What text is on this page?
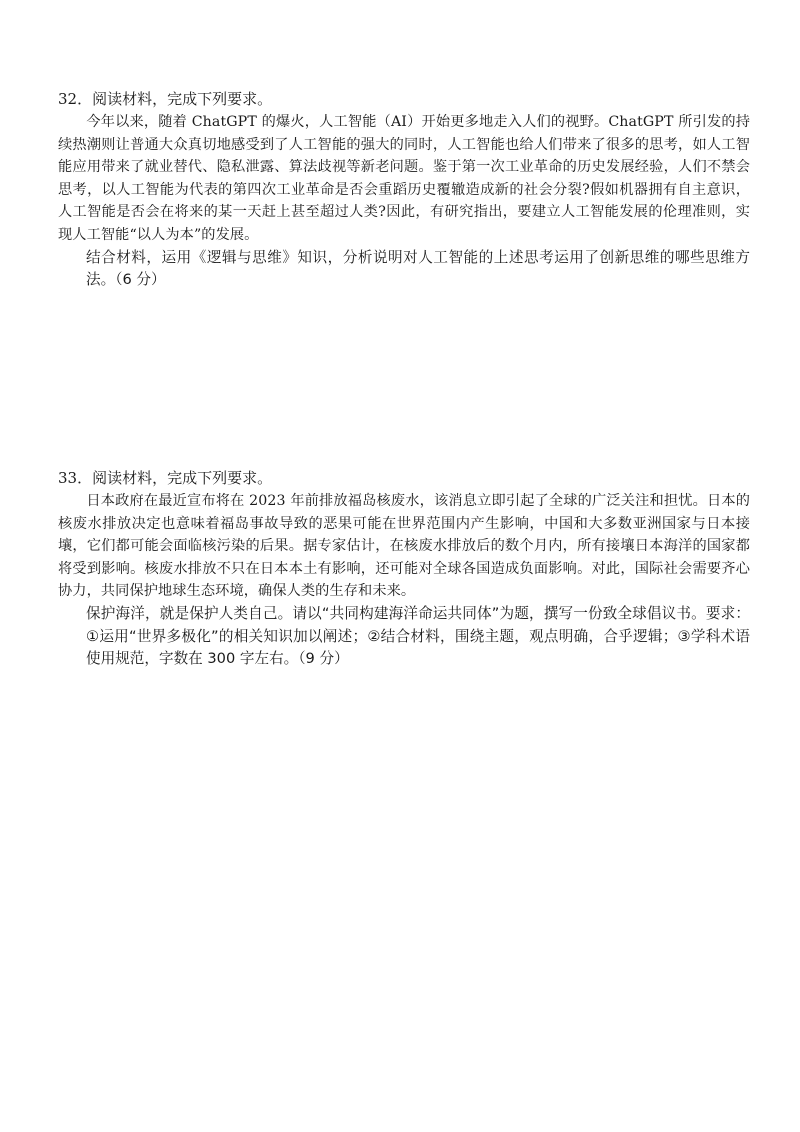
32．阅读材料，完成下列要求。

今年以来，随着 ChatGPT 的爆火，人工智能（AI）开始更多地走入人们的视野。ChatGPT 所引发的持续热潮则让普通大众真切地感受到了人工智能的强大的同时，人工智能也给人们带来了很多的思考，如人工智能应用带来了就业替代、隐私泄露、算法歧视等新老问题。鉴于第一次工业革命的历史发展经验，人们不禁会思考，以人工智能为代表的第四次工业革命是否会重蹈历史覆辙造成新的社会分裂?假如机器拥有自主意识，人工智能是否会在将来的某一天赶上甚至超过人类?因此，有研究指出，要建立人工智能发展的伦理准则，实现人工智能“以人为本”的发展。

结合材料，运用《逻辑与思维》知识，分析说明对人工智能的上述思考运用了创新思维的哪些思维方法。（6 分）

33．阅读材料，完成下列要求。

日本政府在最近宣布将在 2023 年前排放福岛核废水，该消息立即引起了全球的广泛关注和担忧。日本的核废水排放决定也意味着福岛事故导致的恶果可能在世界范围内产生影响，中国和大多数亚洲国家与日本接壤，它们都可能会面临核污染的后果。据专家估计，在核废水排放后的数个月内，所有接壤日本海洋的国家都将受到影响。核废水排放不只在日本本土有影响，还可能对全球各国造成负面影响。对此，国际社会需要齐心协力，共同保护地球生态环境，确保人类的生存和未来。

保护海洋，就是保护人类自己。请以“共同构建海洋命运共同体”为题，撰写一份致全球倡议书。要求：①运用“世界多极化”的相关知识加以阐述；②结合材料，围绕主题，观点明确，合乎逻辑；③学科术语使用规范，字数在 300 字左右。（9 分）
